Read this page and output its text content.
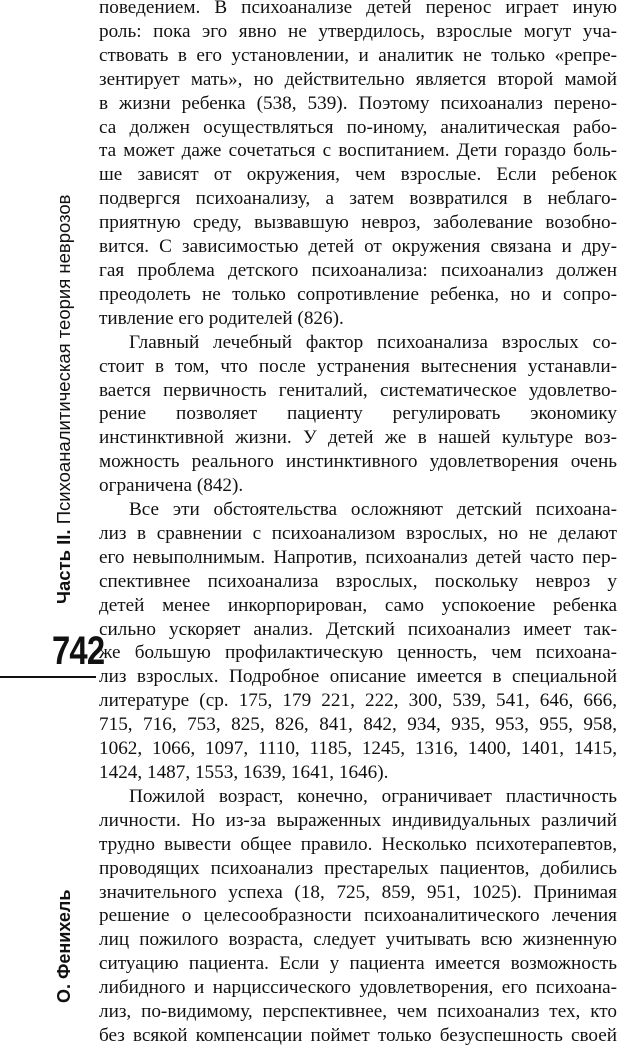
Часть II. Психоаналитическая теория неврозов
О. Фенихель
742
поведением. В психоанализе детей перенос играет иную
роль: пока эго явно не утвердилось, взрослые могут уча-
ствовать в его установлении, и аналитик не только «репре-
зентирует мать», но действительно является второй мамой
в жизни ребенка (538, 539). Поэтому психоанализ перено-
са должен осуществляться по-иному, аналитическая рабо-
та может даже сочетаться с воспитанием. Дети гораздо боль-
ше зависят от окружения, чем взрослые. Если ребенок
подвергся психоанализу, а затем возвратился в неблаго-
приятную среду, вызвавшую невроз, заболевание возобно-
вится. С зависимостью детей от окружения связана и дру-
гая проблема детского психоанализа: психоанализ должен
преодолеть не только сопротивление ребенка, но и сопро-
тивление его родителей (826).
Главный лечебный фактор психоанализа взрослых со-
стоит в том, что после устранения вытеснения устанавли-
вается первичность гениталий, систематическое удовлетво-
рение позволяет пациенту регулировать экономику
инстинктивной жизни. У детей же в нашей культуре воз-
можность реального инстинктивного удовлетворения очень
ограничена (842).
Все эти обстоятельства осложняют детский психоана-
лиз в сравнении с психоанализом взрослых, но не делают
его невыполнимым. Напротив, психоанализ детей часто пер-
спективнее психоанализа взрослых, поскольку невроз у
детей менее инкорпорирован, само успокоение ребенка
сильно ускоряет анализ. Детский психоанализ имеет так-
же большую профилактическую ценность, чем психоана-
лиз взрослых. Подробное описание имеется в специальной
литературе (ср. 175, 179 221, 222, 300, 539, 541, 646, 666,
715, 716, 753, 825, 826, 841, 842, 934, 935, 953, 955, 958,
1062, 1066, 1097, 1110, 1185, 1245, 1316, 1400, 1401, 1415,
1424, 1487, 1553, 1639, 1641, 1646).
Пожилой возраст, конечно, ограничивает пластичность
личности. Но из-за выраженных индивидуальных различий
трудно вывести общее правило. Несколько психотерапевтов,
проводящих психоанализ престарелых пациентов, добились
значительного успеха (18, 725, 859, 951, 1025). Принимая
решение о целесообразности психоаналитического лечения
лиц пожилого возраста, следует учитывать всю жизненную
ситуацию пациента. Если у пациента имеется возможность
либидного и нарциссического удовлетворения, его психоана-
лиз, по-видимому, перспективнее, чем психоанализ тех, кто
без всякой компенсации поймет только безуспешность своей
